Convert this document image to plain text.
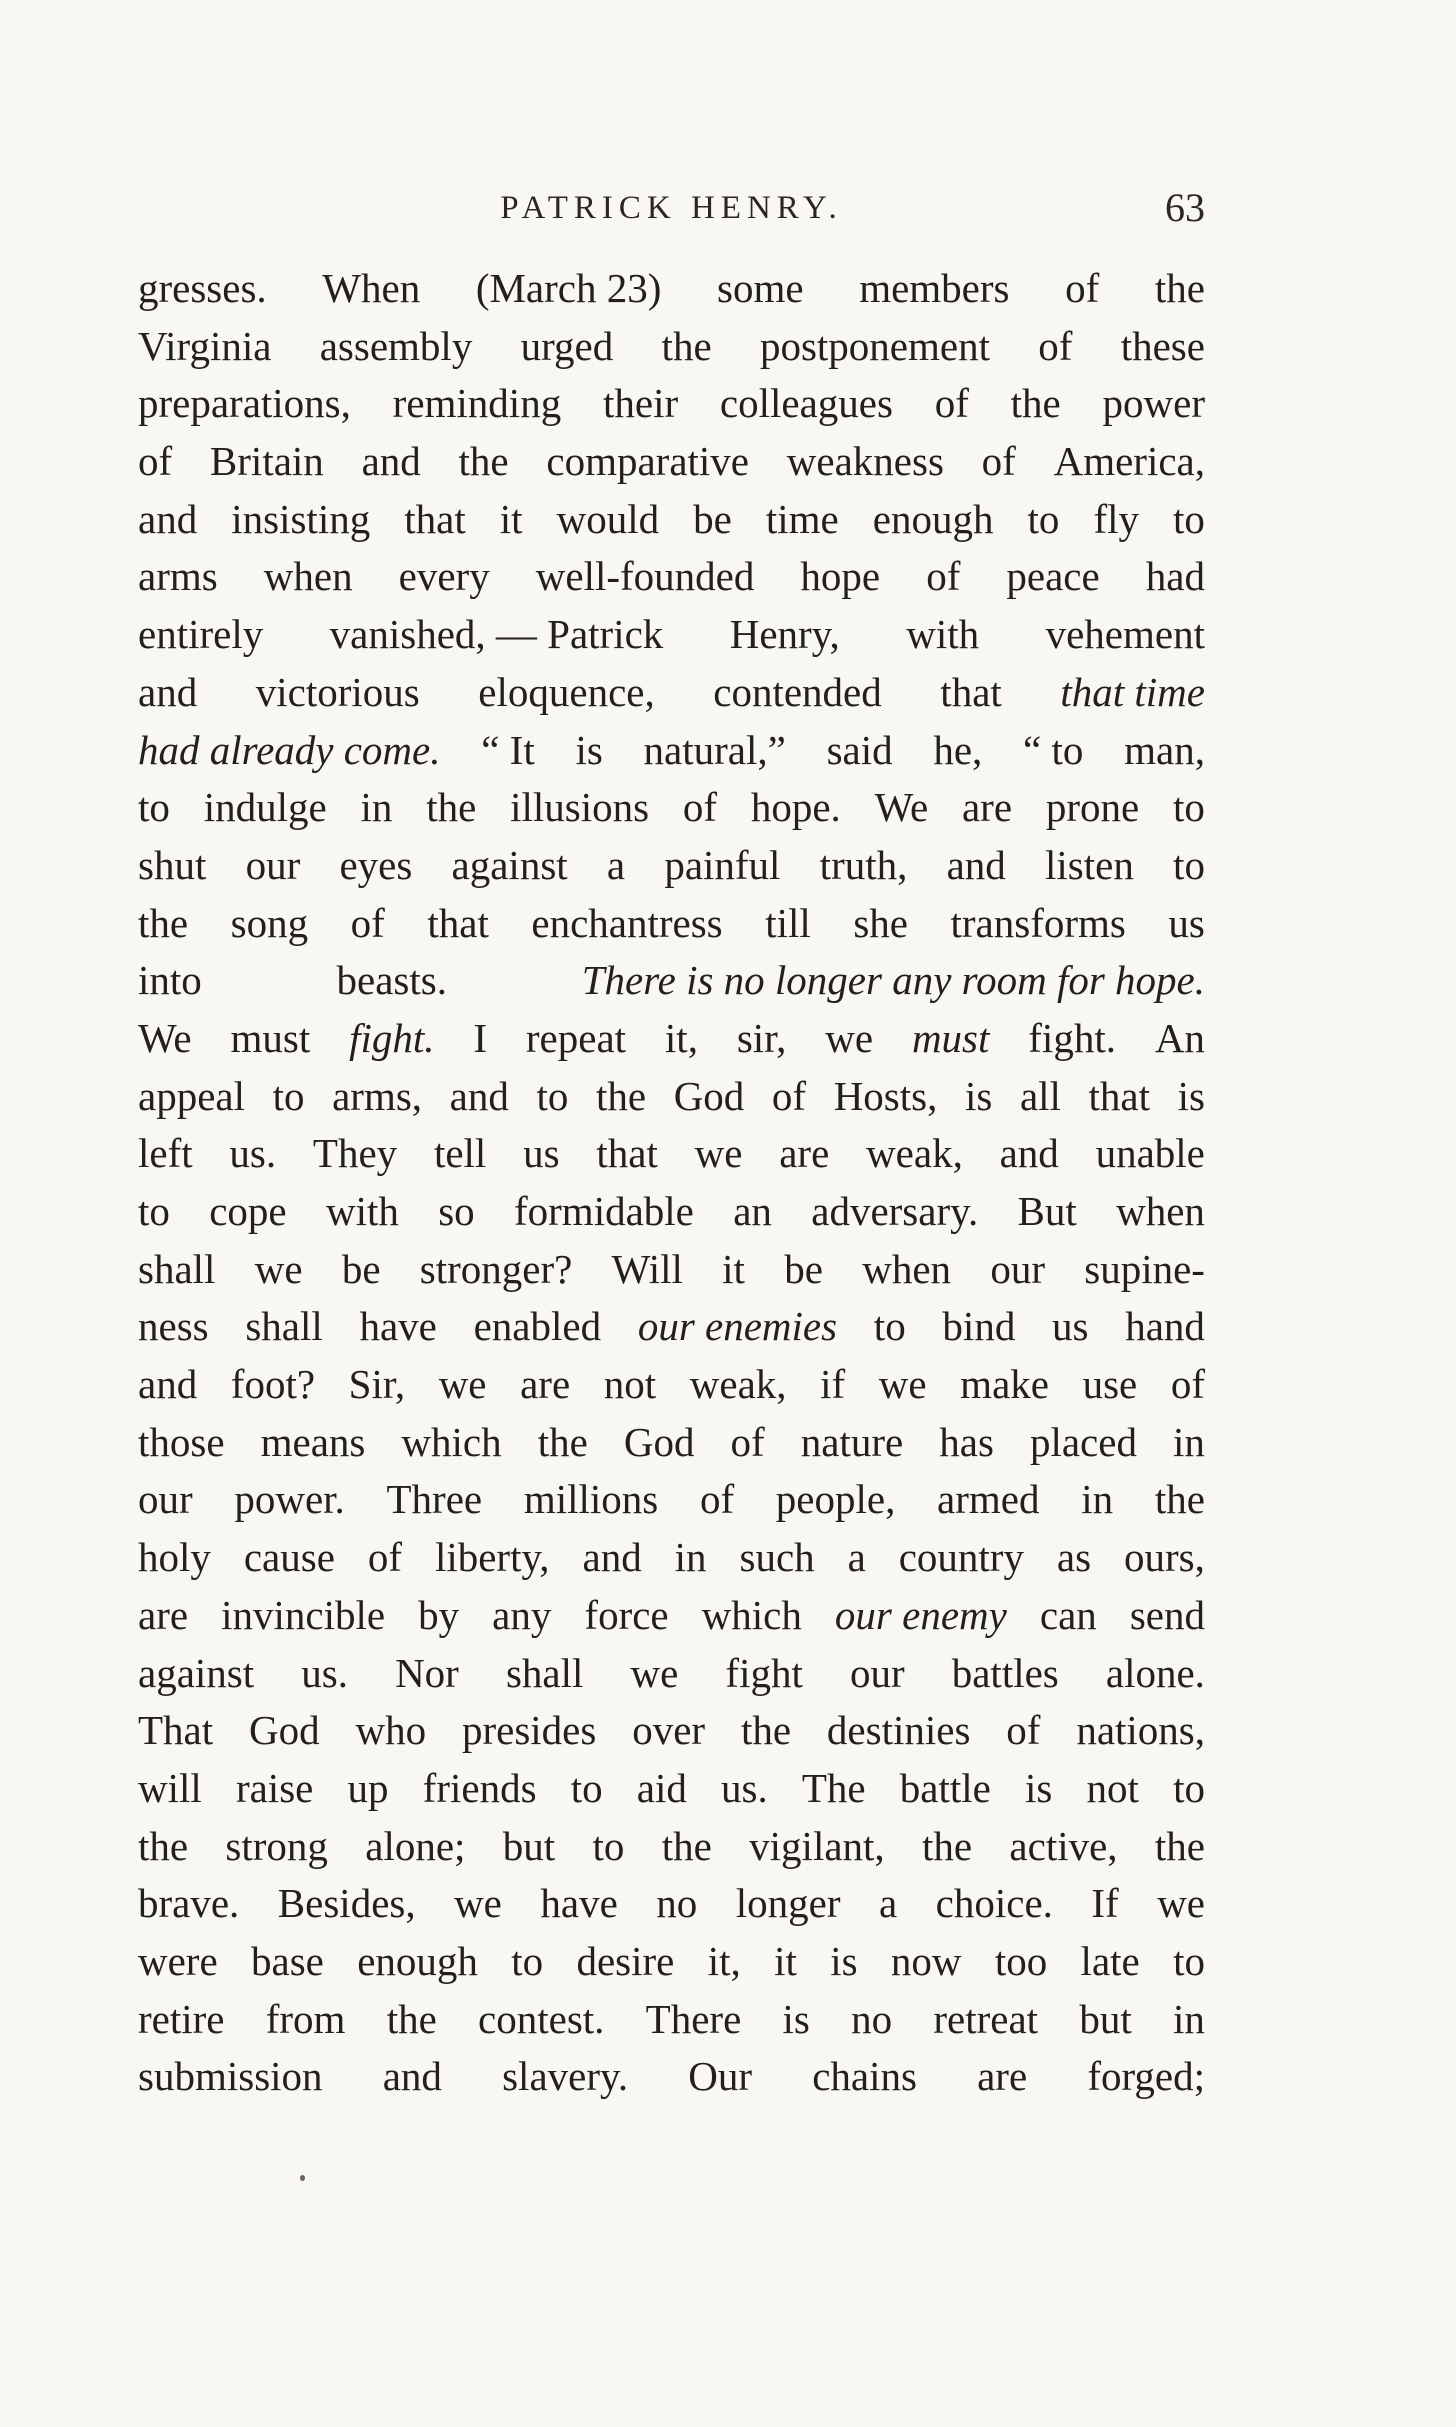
PATRICK HENRY.	63
gresses. When (March 23) some members of the
Virginia assembly urged the postponement of these
preparations, reminding their colleagues of the power
of Britain and the comparative weakness of America,
and insisting that it would be time enough to fly to
arms when every well-founded hope of peace had
entirely vanished, — Patrick Henry, with vehement
and victorious eloquence, contended that that time
had already come. “ It is natural,” said he, “ to man,
to indulge in the illusions of hope. We are prone to
shut our eyes against a painful truth, and listen to
the song of that enchantress till she transforms us
into	beasts.	There is no longer any room for hope.
We must fight. I repeat it, sir, we must fight. An
appeal to arms, and to the God of Hosts, is all that is
left us. They tell us that we are weak, and unable
to cope with so formidable an adversary. But when
shall we be stronger? Will it be when our supine-
ness shall have enabled our enemies to bind us hand
and foot? Sir, we are not weak, if we make use of
those means which the God of nature has placed in
our power. Three millions of people, armed in the
holy cause of liberty, and in such a country as ours,
are invincible by any force which our enemy can send
against us. Nor shall we fight our battles alone.
That God who presides over the destinies of nations,
will raise up friends to aid us. The battle is not to
the strong alone; but to the vigilant, the active, the
brave. Besides, we have no longer a choice. If we
were base enough to desire it, it is now too late to
retire from the contest. There is no retreat but in
submission and slavery. Our chains are forged;
